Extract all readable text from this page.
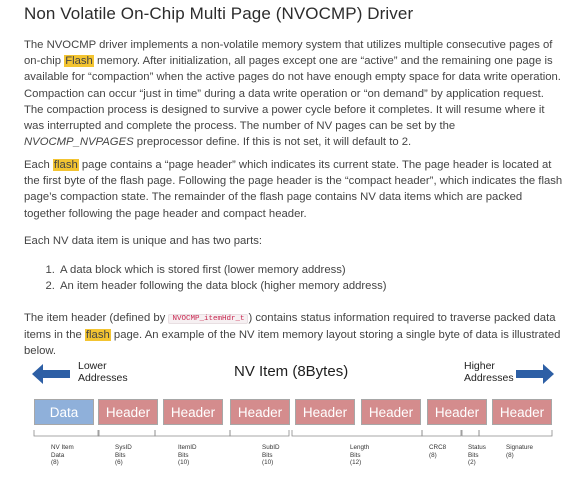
Non Volatile On-Chip Multi Page (NVOCMP) Driver

The NVOCMP driver implements a non-volatile memory system that utilizes multiple consecutive pages of on-chip Flash memory. After initialization, all pages except one are “active” and the remaining one page is available for “compaction” when the active pages do not have enough empty space for data write operation. Compaction can occur “just in time” during a data write operation or “on demand” by application request. The compaction process is designed to survive a power cycle before it completes. It will resume where it was interrupted and complete the process. The number of NV pages can be set by the NVOCMP_NVPAGES preprocessor define. If this is not set, it will default to 2.

Each flash page contains a “page header” which indicates its current state. The page header is located at the first byte of the flash page. Following the page header is the “compact header”, which indicates the flash page’s compaction state. The remainder of the flash page contains NV data items which are packed together following the page header and compact header.

Each NV data item is unique and has two parts:

1. A data block which is stored first (lower memory address)
2. An item header following the data block (higher memory address)

The item header (defined by NVOCMP_itemHdr_t ) contains status information required to traverse packed data items in the flash page. An example of the NV item memory layout storing a single byte of data is illustrated below.

Lower
Addresses	NV Item (8Bytes)	Higher
Addresses
Data	Header	Header	Header	Header	Header	Header	Header
NV Item
Data
(8)
SysID
Bits
(6)
ItemID
Bits
(10)
SubID
Bits
(10)
Length
Bits
(12)
CRC8
(8)
Status
Bits
(2)
Signature
(8)
